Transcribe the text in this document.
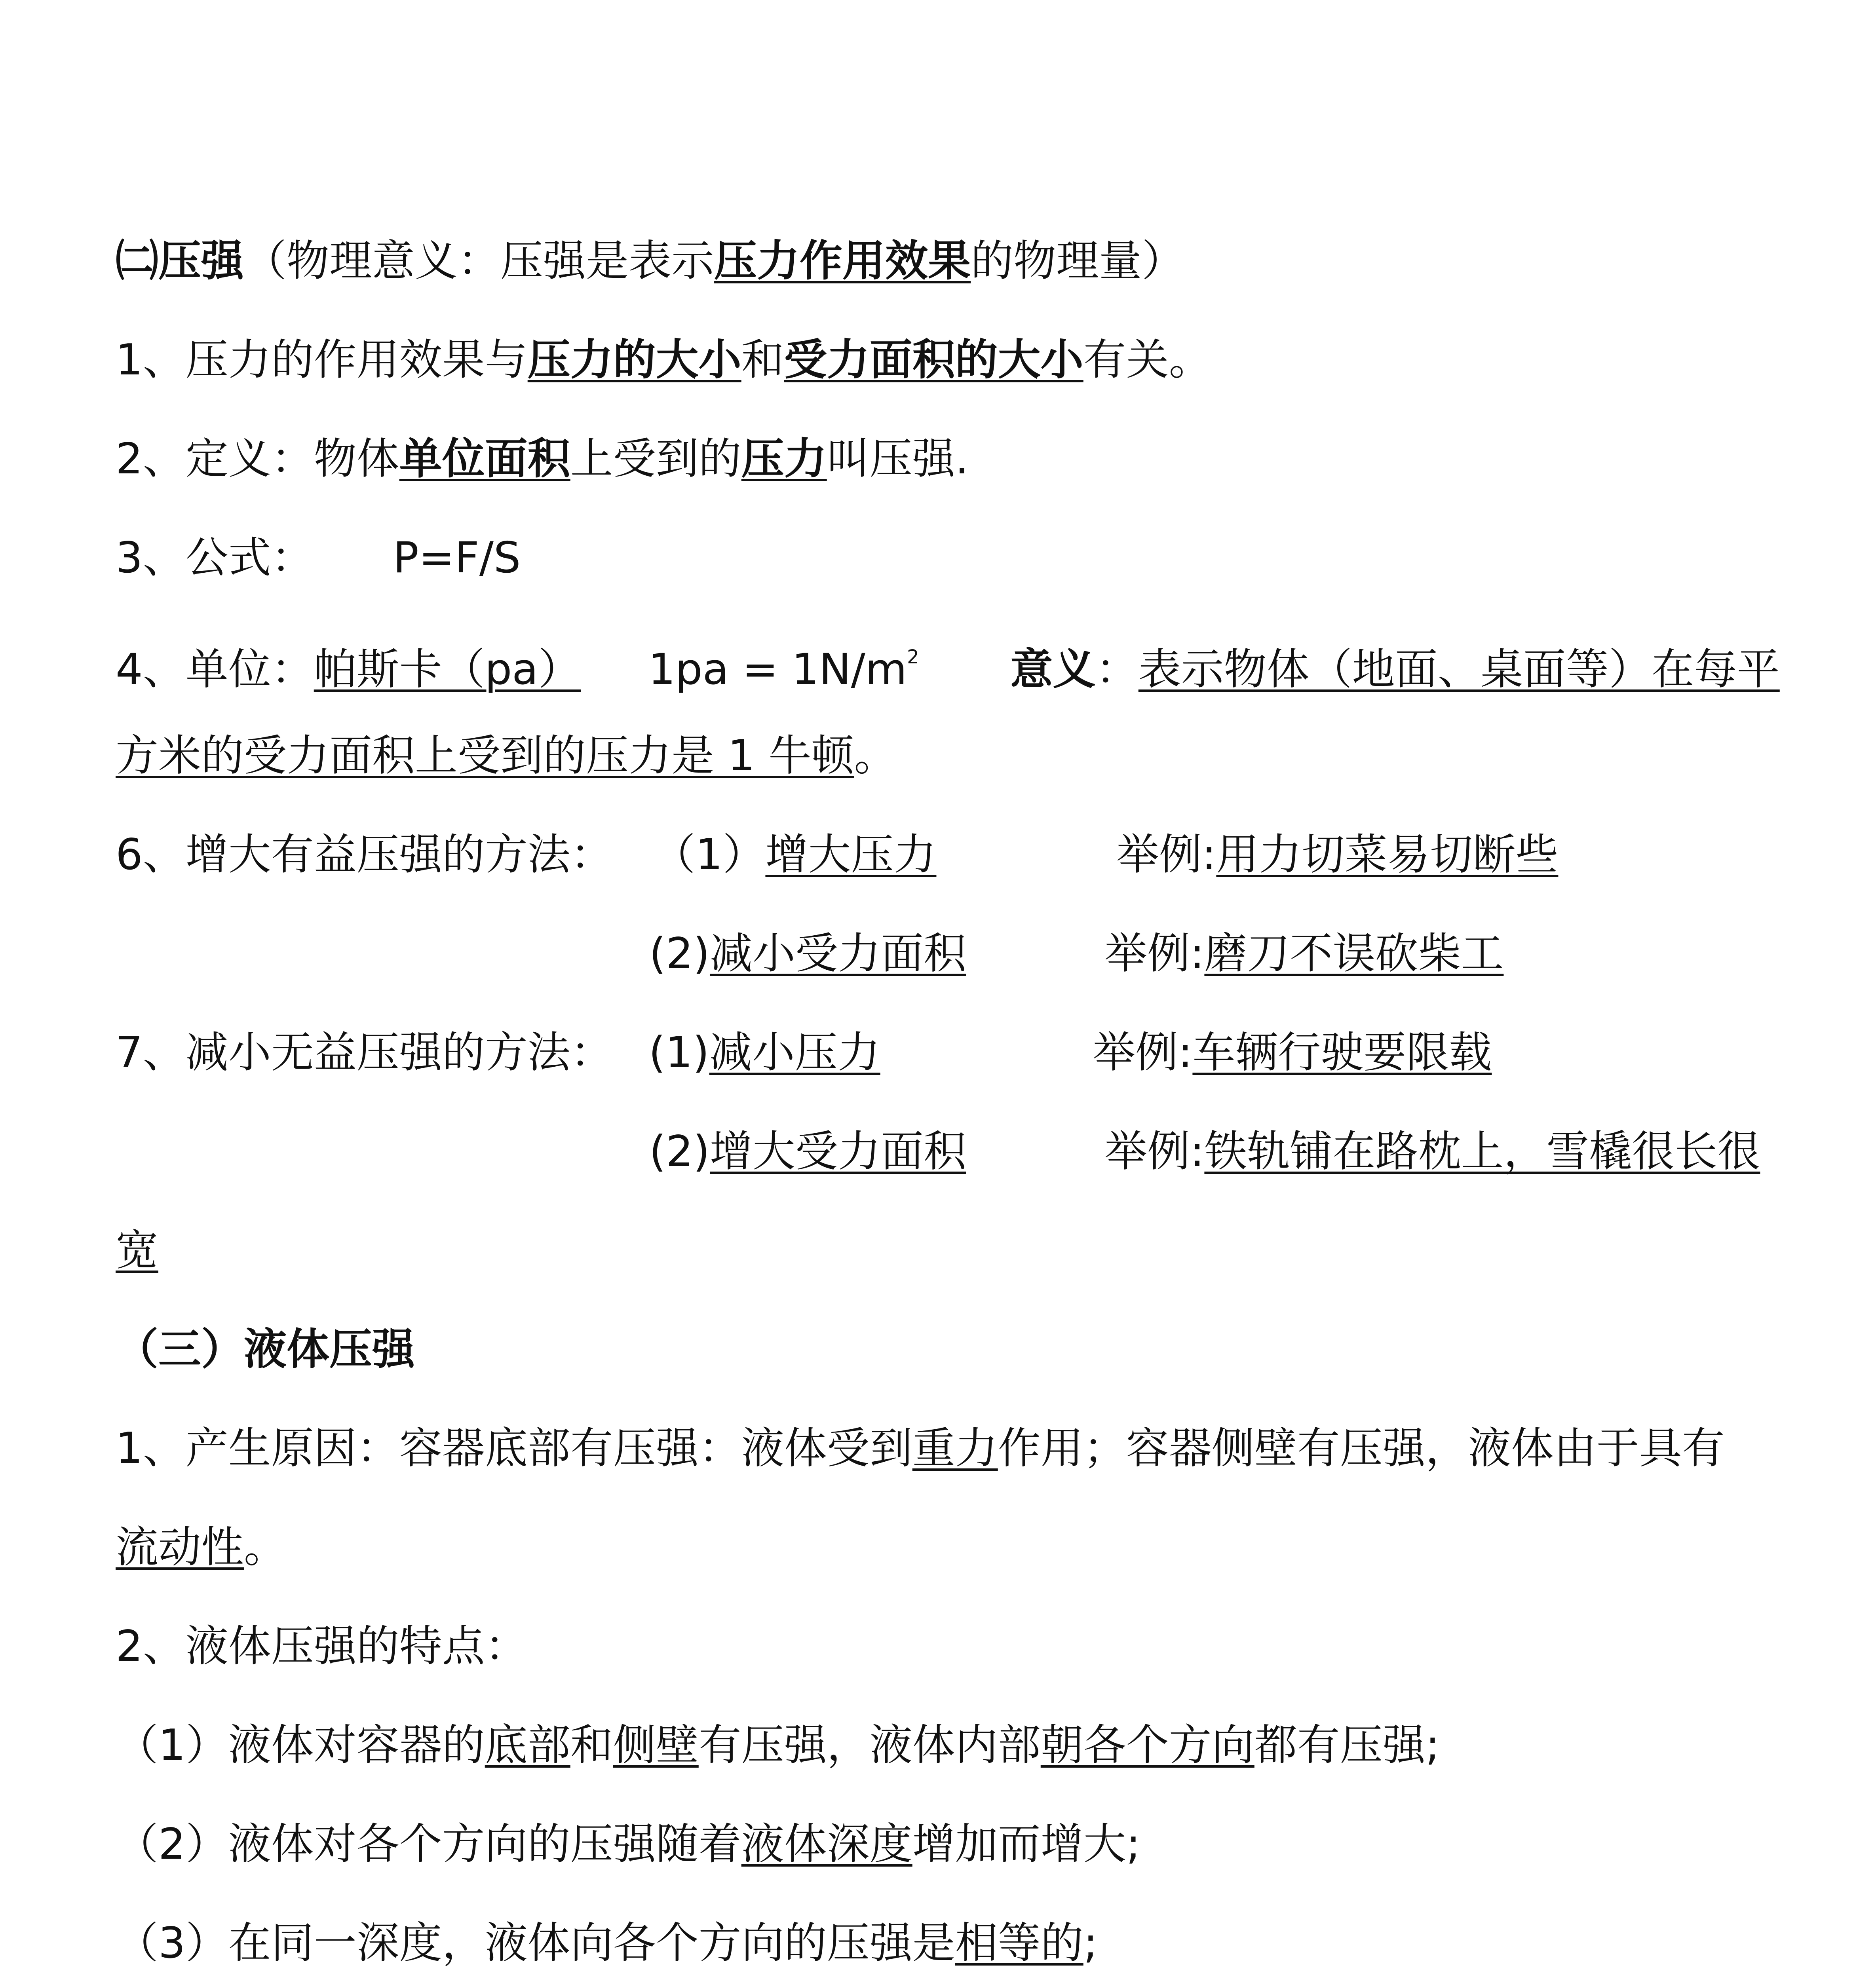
㈡压强（物理意义：压强是表示压力作用效果的物理量）
1、压力的作用效果与压力的大小和受力面积的大小有关。
2、定义：物体单位面积上受到的压力叫压强.
3、公式： P=F/S
4、单位：帕斯卡（pa） $1pa = 1N/m^2$ 意义：表示物体（地面、桌面等）在每平
方米的受力面积上受到的压力是 1 牛顿。
6、增大有益压强的方法： （1）增大压力	举例:用力切菜易切断些
(2)减小受力面积	举例:磨刀不误砍柴工
7、减小无益压强的方法： (1)减小压力	举例:车辆行驶要限载
(2)增大受力面积	举例:铁轨铺在路枕上，雪橇很长很
宽
（三）液体压强
1、产生原因：容器底部有压强：液体受到重力作用；容器侧壁有压强，液体由于具有
流动性。
2、液体压强的特点：
（1）液体对容器的底部和侧壁有压强，液体内部朝各个方向都有压强;
（2）液体对各个方向的压强随着液体深度增加而增大;
（3）在同一深度，液体向各个方向的压强是相等的;
